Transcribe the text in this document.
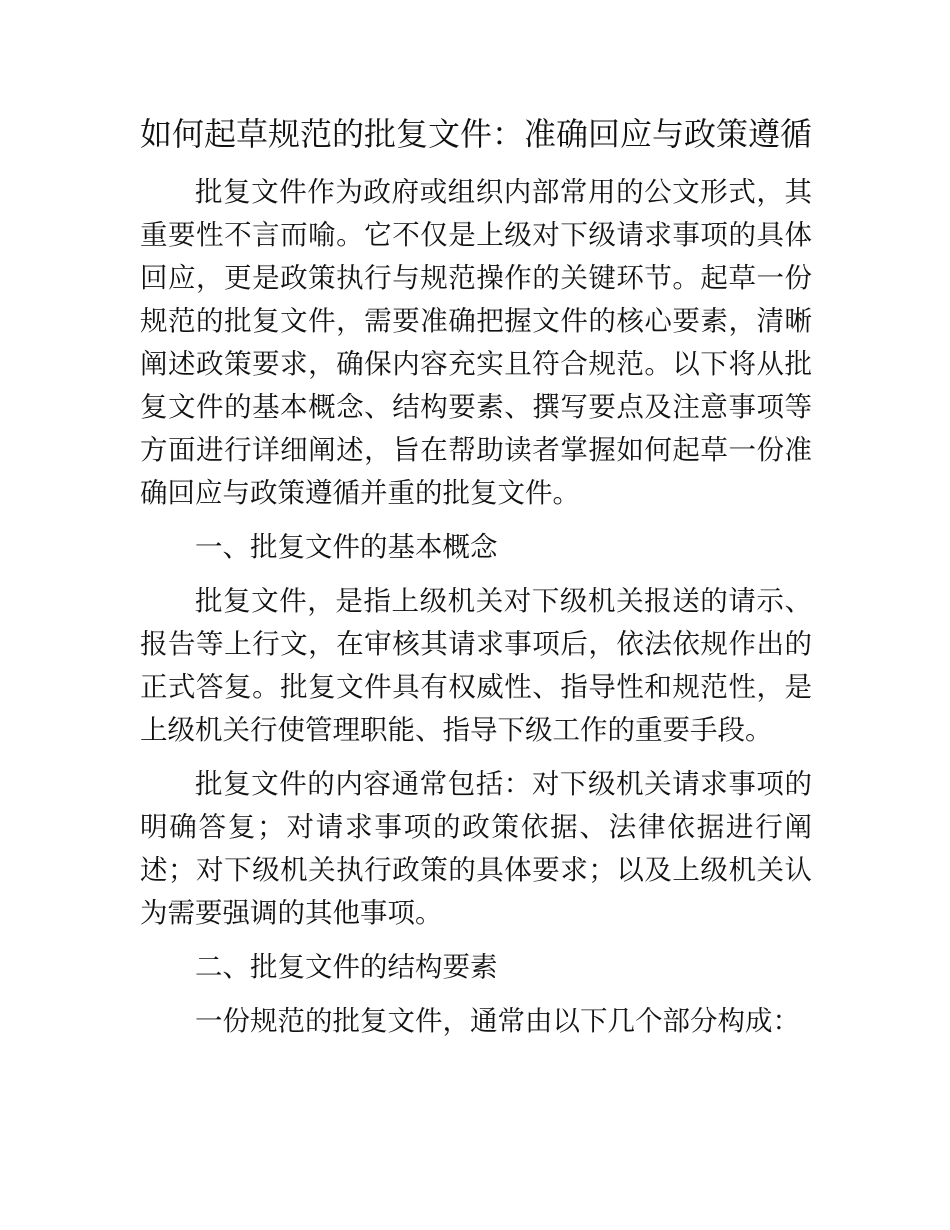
如何起草规范的批复文件：准确回应与政策遵循

批复文件作为政府或组织内部常用的公文形式，其重要性不言而喻。它不仅是上级对下级请求事项的具体回应，更是政策执行与规范操作的关键环节。起草一份规范的批复文件，需要准确把握文件的核心要素，清晰阐述政策要求，确保内容充实且符合规范。以下将从批复文件的基本概念、结构要素、撰写要点及注意事项等方面进行详细阐述，旨在帮助读者掌握如何起草一份准确回应与政策遵循并重的批复文件。

一、批复文件的基本概念

批复文件，是指上级机关对下级机关报送的请示、报告等上行文，在审核其请求事项后，依法依规作出的正式答复。批复文件具有权威性、指导性和规范性，是上级机关行使管理职能、指导下级工作的重要手段。

批复文件的内容通常包括：对下级机关请求事项的明确答复；对请求事项的政策依据、法律依据进行阐述；对下级机关执行政策的具体要求；以及上级机关认为需要强调的其他事项。

二、批复文件的结构要素

一份规范的批复文件，通常由以下几个部分构成：
